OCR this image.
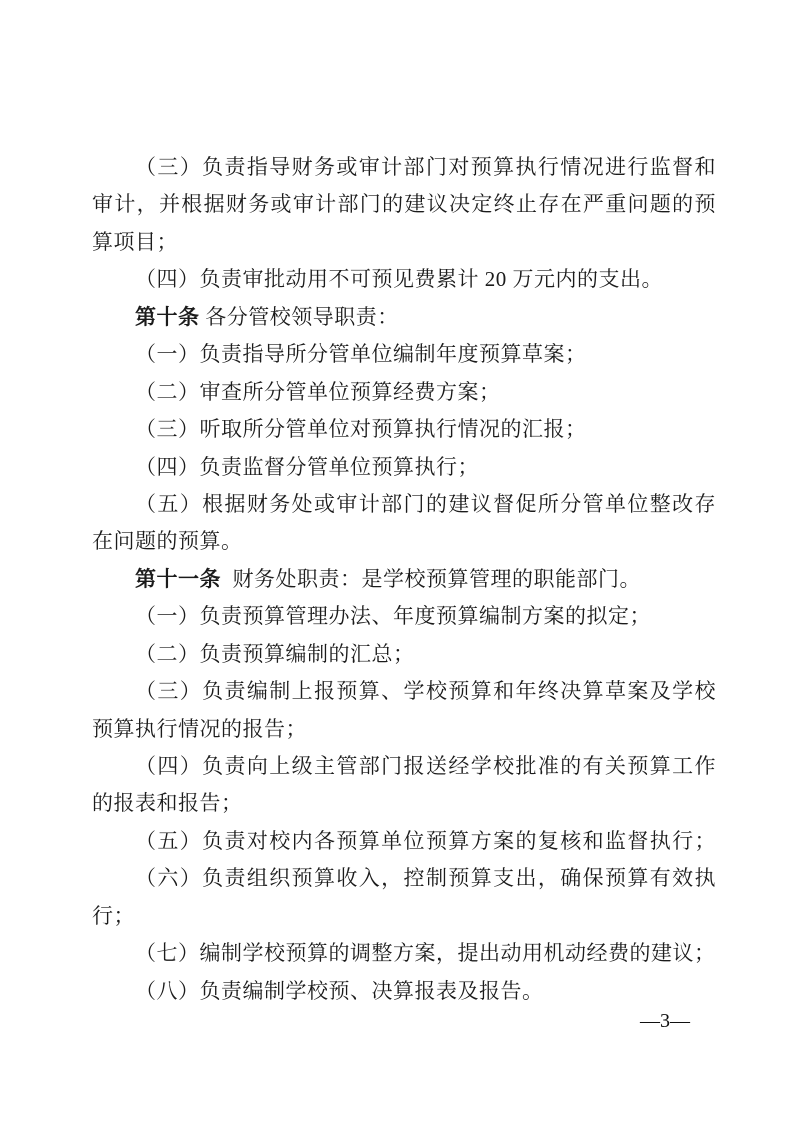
（三）负责指导财务或审计部门对预算执行情况进行监督和
审计，并根据财务或审计部门的建议决定终止存在严重问题的预
算项目；
（四）负责审批动用不可预见费累计 20 万元内的支出。
第十条 各分管校领导职责：
（一）负责指导所分管单位编制年度预算草案；
（二）审查所分管单位预算经费方案；
（三）听取所分管单位对预算执行情况的汇报；
（四）负责监督分管单位预算执行；
（五）根据财务处或审计部门的建议督促所分管单位整改存
在问题的预算。
第十一条  财务处职责：是学校预算管理的职能部门。
（一）负责预算管理办法、年度预算编制方案的拟定；
（二）负责预算编制的汇总；
（三）负责编制上报预算、学校预算和年终决算草案及学校
预算执行情况的报告；
（四）负责向上级主管部门报送经学校批准的有关预算工作
的报表和报告；
（五）负责对校内各预算单位预算方案的复核和监督执行；
（六）负责组织预算收入，控制预算支出，确保预算有效执
行；
（七）编制学校预算的调整方案，提出动用机动经费的建议；
（八）负责编制学校预、决算报表及报告。
—3—
